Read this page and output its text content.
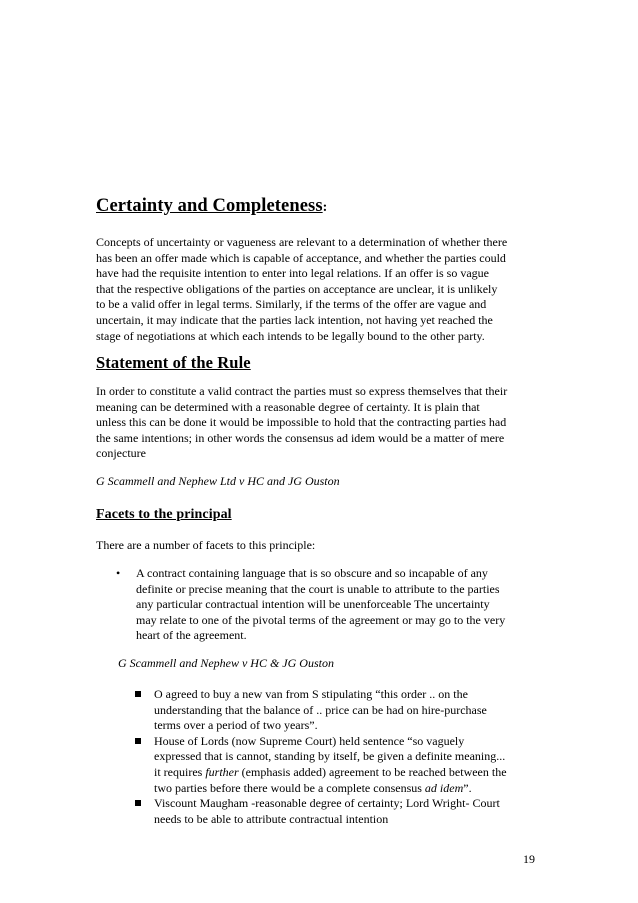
Certainty and Completeness:

Concepts of uncertainty or vagueness are relevant to a determination of whether there
has been an offer made which is capable of acceptance, and whether the parties could
have had the requisite intention to enter into legal relations. If an offer is so vague
that the respective obligations of the parties on acceptance are unclear, it is unlikely
to be a valid offer in legal terms. Similarly, if the terms of the offer are vague and
uncertain, it may indicate that the parties lack intention, not having yet reached the
stage of negotiations at which each intends to be legally bound to the other party.

Statement of the Rule

In order to constitute a valid contract the parties must so express themselves that their
meaning can be determined with a reasonable degree of certainty. It is plain that
unless this can be done it would be impossible to hold that the contracting parties had
the same intentions; in other words the consensus ad idem would be a matter of mere
conjecture

G Scammell and Nephew Ltd v HC and JG Ouston

Facets to the principal

There are a number of facets to this principle:

• A contract containing language that is so obscure and so incapable of any
definite or precise meaning that the court is unable to attribute to the parties
any particular contractual intention will be unenforceable The uncertainty
may relate to one of the pivotal terms of the agreement or may go to the very
heart of the agreement.

G Scammell and Nephew v HC & JG Ouston

O agreed to buy a new van from S stipulating “this order .. on the
understanding that the balance of .. price can be had on hire-purchase
terms over a period of two years”.
House of Lords (now Supreme Court) held sentence “so vaguely
expressed that is cannot, standing by itself, be given a definite meaning...
it requires further (emphasis added) agreement to be reached between the
two parties before there would be a complete consensus ad idem”.
Viscount Maugham -reasonable degree of certainty; Lord Wright- Court
needs to be able to attribute contractual intention
19
